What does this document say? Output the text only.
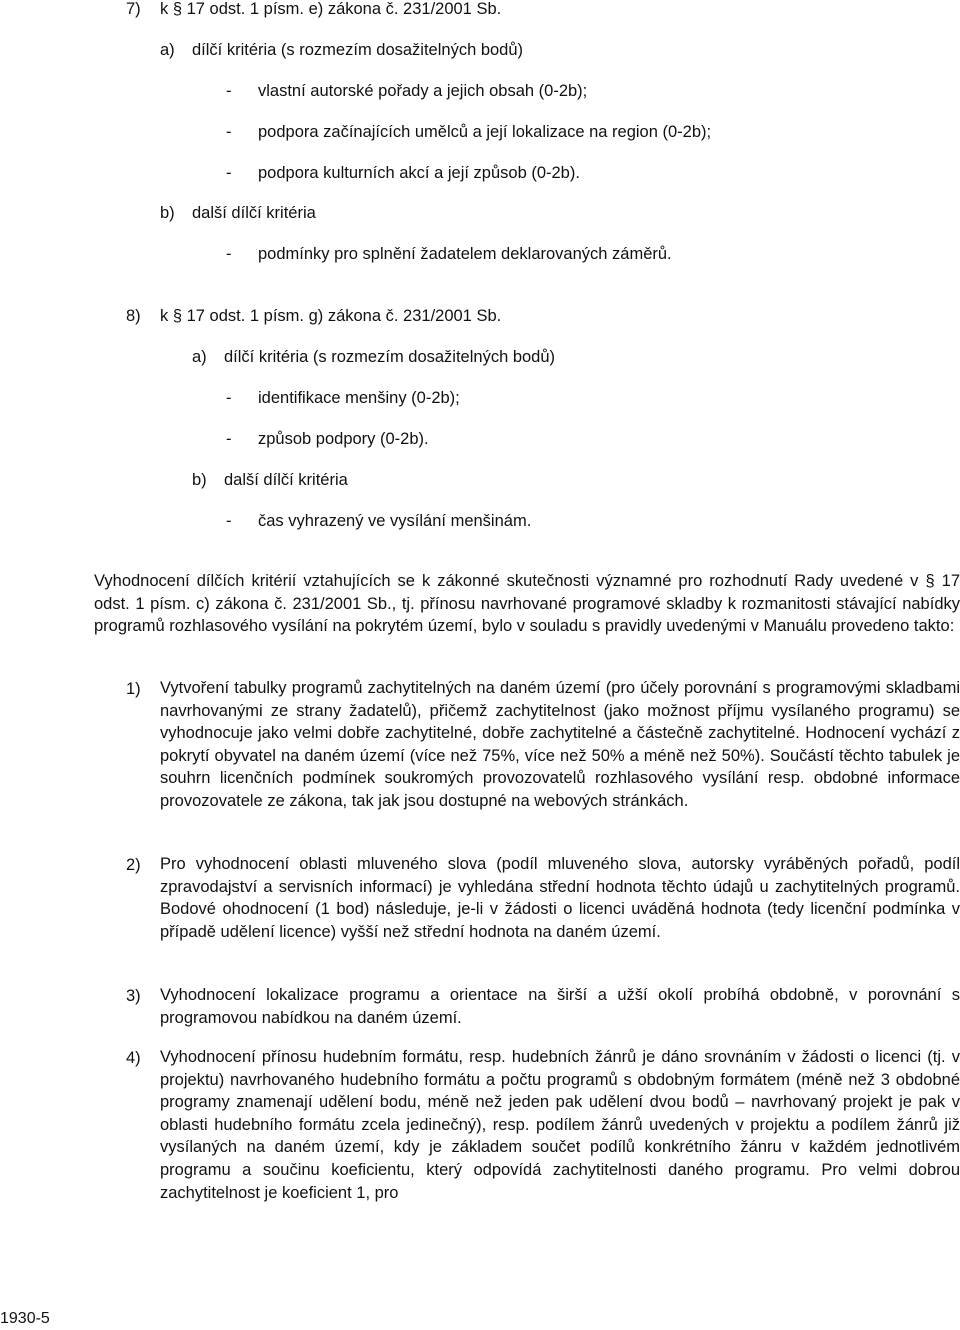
7) k § 17 odst. 1 písm. e) zákona č. 231/2001 Sb.
a) dílčí kritéria (s rozmezím dosažitelných bodů)
- vlastní autorské pořady a jejich obsah (0-2b);
- podpora začínajících umělců a její lokalizace na region (0-2b);
- podpora kulturních akcí a její způsob (0-2b).
b) další dílčí kritéria
- podmínky pro splnění žadatelem deklarovaných záměrů.
8) k § 17 odst. 1 písm. g) zákona č. 231/2001 Sb.
a) dílčí kritéria (s rozmezím dosažitelných bodů)
- identifikace menšiny (0-2b);
- způsob podpory (0-2b).
b) další dílčí kritéria
- čas vyhrazený ve vysílání menšinám.
Vyhodnocení dílčích kritérií vztahujících se k zákonné skutečnosti významné pro rozhodnutí Rady uvedené v § 17 odst. 1 písm. c) zákona č. 231/2001 Sb., tj. přínosu navrhované programové skladby k rozmanitosti stávající nabídky programů rozhlasového vysílání na pokrytém území, bylo v souladu s pravidly uvedenými v Manuálu provedeno takto:
1) Vytvoření tabulky programů zachytitelných na daném území (pro účely porovnání s programovými skladbami navrhovanými ze strany žadatelů), přičemž zachytitelnost (jako možnost příjmu vysílaného programu) se vyhodnocuje jako velmi dobře zachytitelné, dobře zachytitelné a částečně zachytitelné. Hodnocení vychází z pokrytí obyvatel na daném území (více než 75%, více než 50% a méně než 50%). Součástí těchto tabulek je souhrn licenčních podmínek soukromých provozovatelů rozhlasového vysílání resp. obdobné informace provozovatele ze zákona, tak jak jsou dostupné na webových stránkách.
2) Pro vyhodnocení oblasti mluveného slova (podíl mluveného slova, autorsky vyráběných pořadů, podíl zpravodajství a servisních informací) je vyhledána střední hodnota těchto údajů u zachytitelných programů. Bodové ohodnocení (1 bod) následuje, je-li v žádosti o licenci uváděná hodnota (tedy licenční podmínka v případě udělení licence) vyšší než střední hodnota na daném území.
3) Vyhodnocení lokalizace programu a orientace na širší a užší okolí probíhá obdobně, v porovnání s programovou nabídkou na daném území.
4) Vyhodnocení přínosu hudebním formátu, resp. hudebních žánrů je dáno srovnáním v žádosti o licenci (tj. v projektu) navrhovaného hudebního formátu a počtu programů s obdobným formátem (méně než 3 obdobné programy znamenají udělení bodu, méně než jeden pak udělení dvou bodů – navrhovaný projekt je pak v oblasti hudebního formátu zcela jedinečný), resp. podílem žánrů uvedených v projektu a podílem žánrů již vysílaných na daném území, kdy je základem součet podílů konkrétního žánru v každém jednotlivém programu a součinu koeficientu, který odpovídá zachytitelnosti daného programu. Pro velmi dobrou zachytitelnost je koeficient 1, pro
1930-5
